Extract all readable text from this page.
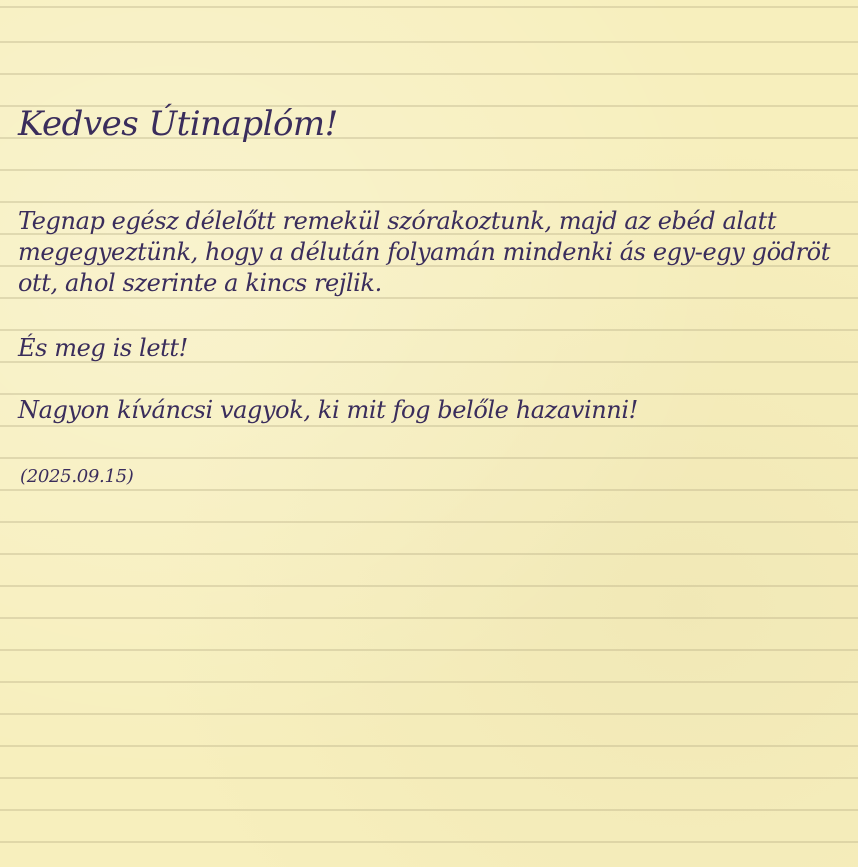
Kedves Útinaplóm!

Tegnap egész délelőtt remekül szórakoztunk, majd az ebéd alatt megegyeztünk, hogy a délután folyamán mindenki ás egy-egy gödröt ott, ahol szerinte a kincs rejlik.

És meg is lett!

Nagyon kíváncsi vagyok, ki mit fog belőle hazavinni!

(2025.09.15)
